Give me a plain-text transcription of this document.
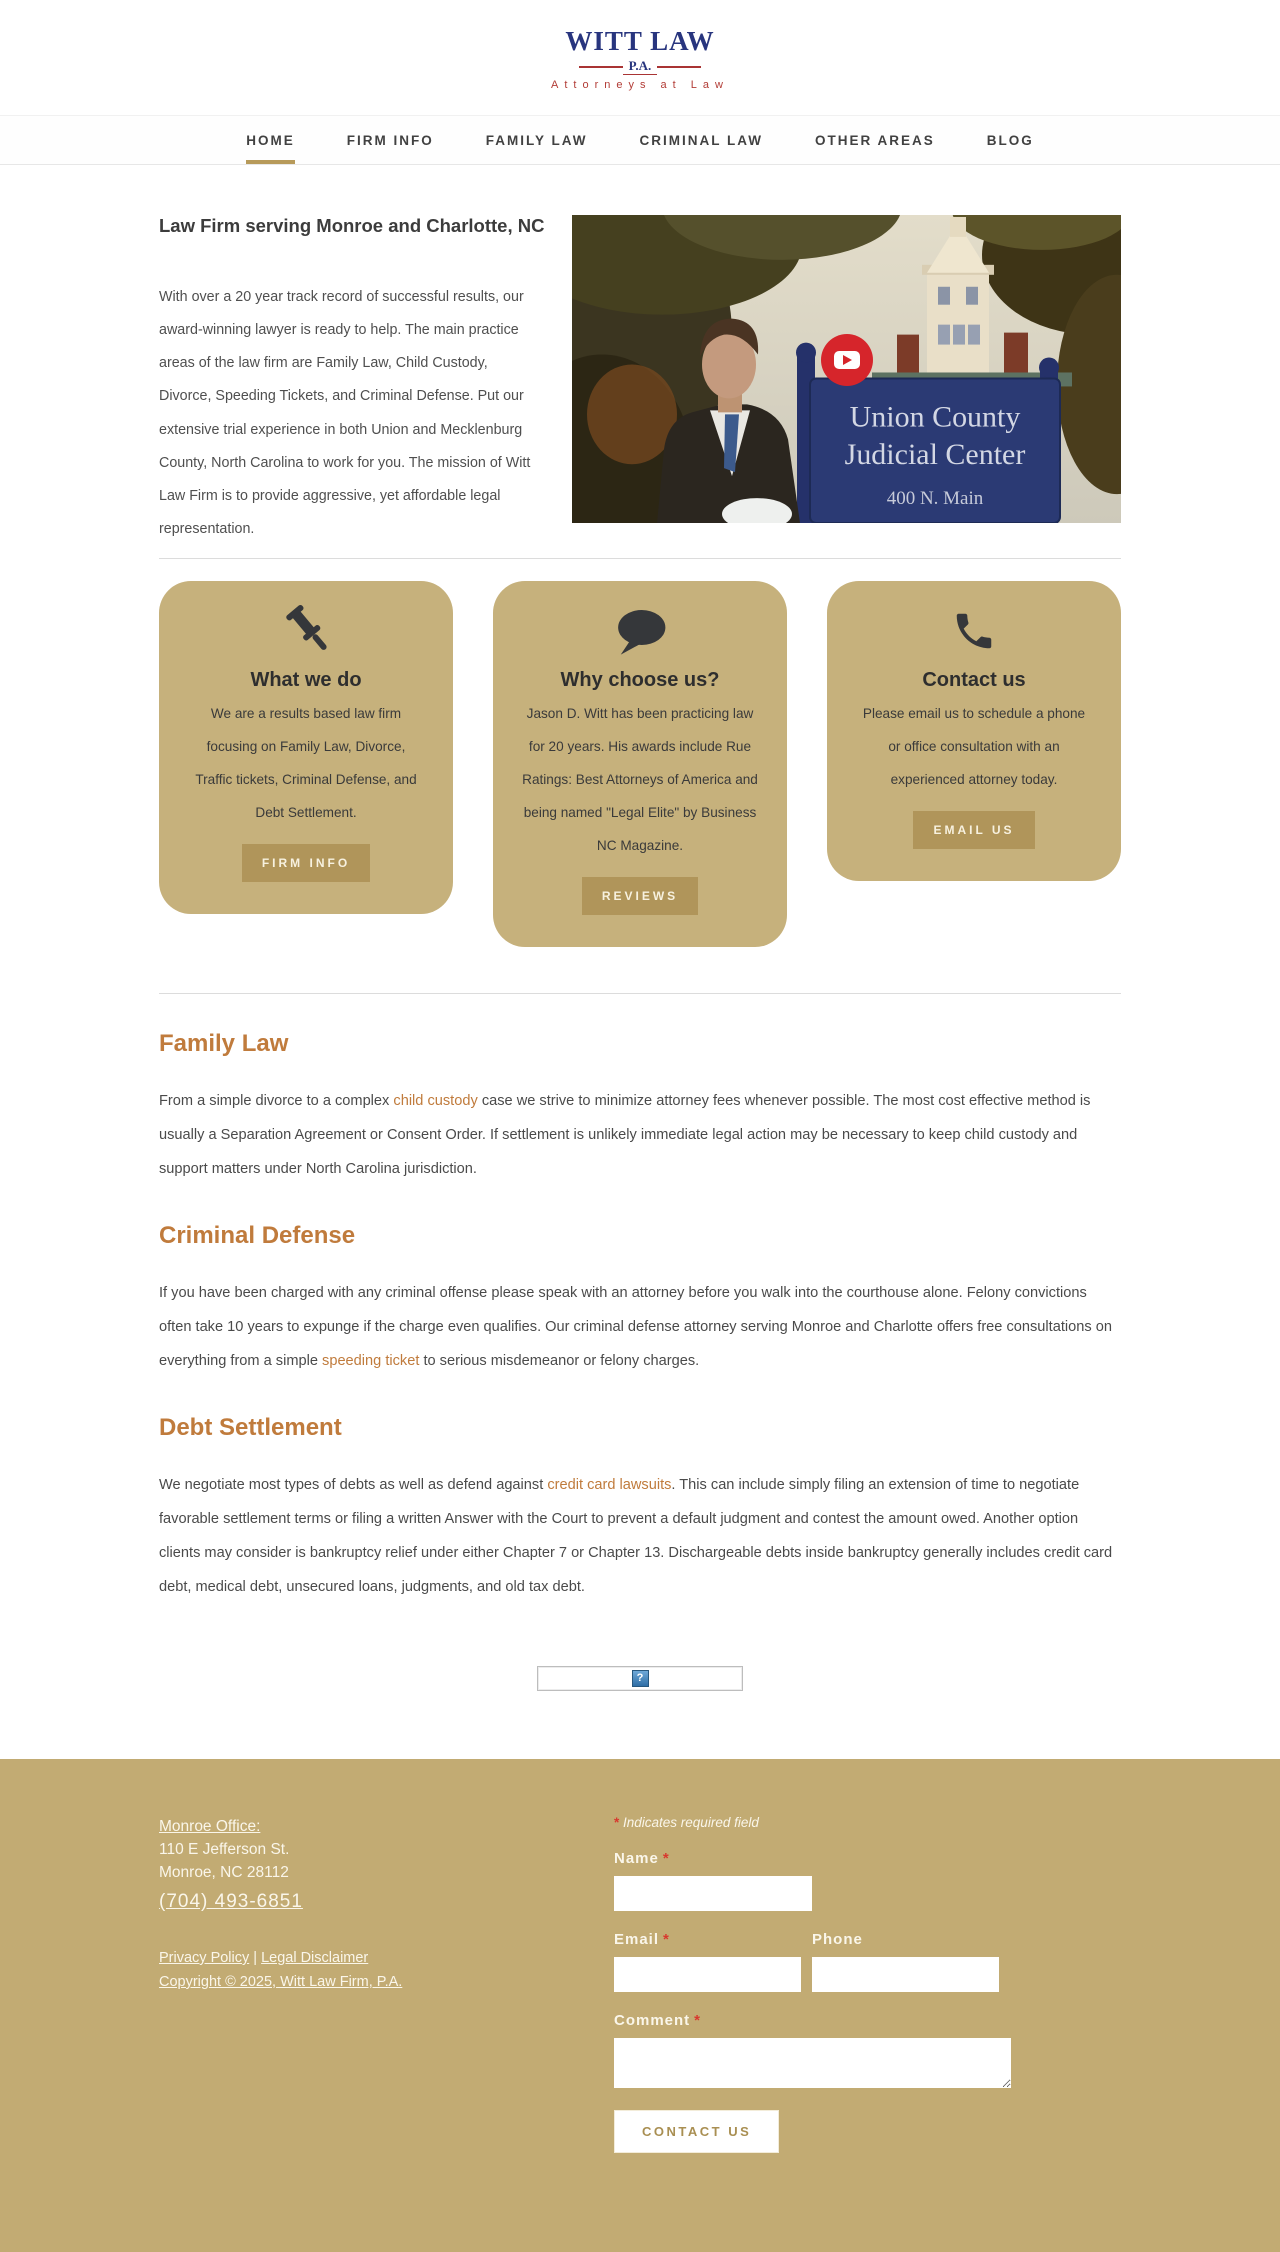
WITT LAW
P.A.
Attorneys at Law
HOME	FIRM INFO	FAMILY LAW	CRIMINAL LAW	OTHER AREAS	BLOG
Law Firm serving Monroe and Charlotte, NC

With over a 20 year track record of successful results, our award-winning lawyer is ready to help. The main practice areas of the law firm are Family Law, Child Custody, Divorce, Speeding Tickets, and Criminal Defense. Put our extensive trial experience in both Union and Mecklenburg County, North Carolina to work for you. The mission of Witt Law Firm is to provide aggressive, yet affordable legal representation.

Union County
Judicial Center
400 N. Main
What we do

We are a results based law firm focusing on Family Law, Divorce, Traffic tickets, Criminal Defense, and Debt Settlement.

FIRM INFO
Why choose us?

Jason D. Witt has been practicing law for 20 years. His awards include Rue Ratings: Best Attorneys of America and being named "Legal Elite" by Business NC Magazine.

REVIEWS
Contact us

Please email us to schedule a phone or office consultation with an experienced attorney today.

EMAIL US
Family Law

From a simple divorce to a complex child custody case we strive to minimize attorney fees whenever possible. The most cost effective method is usually a Separation Agreement or Consent Order. If settlement is unlikely immediate legal action may be necessary to keep child custody and support matters under North Carolina jurisdiction.

Criminal Defense

If you have been charged with any criminal offense please speak with an attorney before you walk into the courthouse alone. Felony convictions often take 10 years to expunge if the charge even qualifies. Our criminal defense attorney serving Monroe and Charlotte offers free consultations on everything from a simple speeding ticket to serious misdemeanor or felony charges.

Debt Settlement

We negotiate most types of debts as well as defend against credit card lawsuits. This can include simply filing an extension of time to negotiate favorable settlement terms or filing a written Answer with the Court to prevent a default judgment and contest the amount owed. Another option clients may consider is bankruptcy relief under either Chapter 7 or Chapter 13. Dischargeable debts inside bankruptcy generally includes credit card debt, medical debt, unsecured loans, judgments, and old tax debt.

?
Monroe Office:
110 E Jefferson St.
Monroe, NC 28112
(704) 493-6851
Privacy Policy | Legal Disclaimer
Copyright © 2025, Witt Law Firm, P.A.
* Indicates required field
Name *
Email *	Phone
Comment *
CONTACT US
